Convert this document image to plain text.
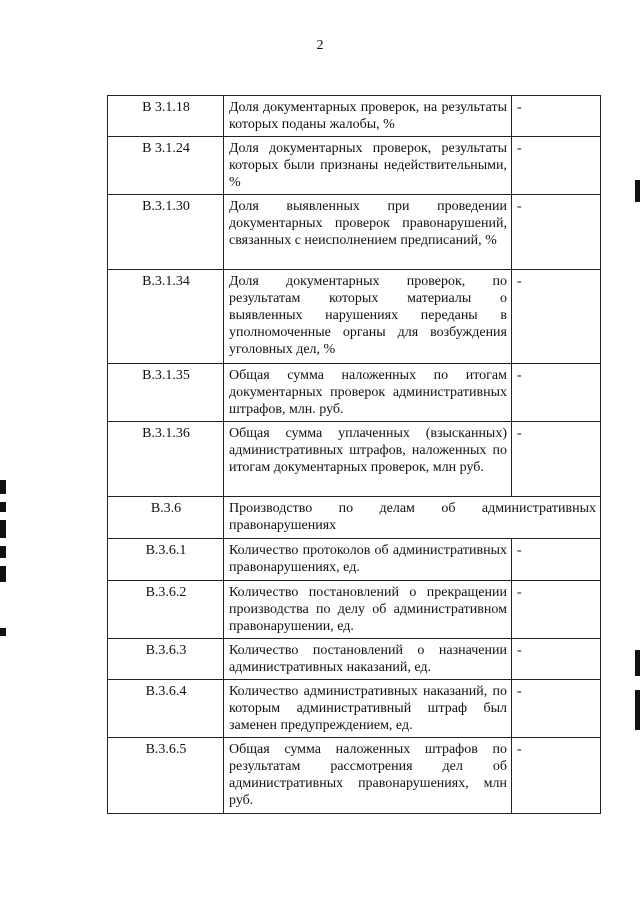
2
В 3.1.18	Доля документарных проверок, на результаты которых поданы жалобы, %	-
В 3.1.24	Доля документарных проверок, результаты которых были признаны недействительными, %	-
В.3.1.30	Доля выявленных при проведении документарных проверок правонарушений, связанных с неисполнением предписаний, %	-
В.3.1.34	Доля документарных проверок, по результатам которых материалы о выявленных нарушениях переданы в уполномоченные органы для возбуждения уголовных дел, %	-
В.3.1.35	Общая сумма наложенных по итогам документарных проверок административных штрафов, млн. руб.	-
В.3.1.36	Общая сумма уплаченных (взысканных) административных штрафов, наложенных по итогам документарных проверок, млн руб.	-
В.3.6	Производство по делам об административных правонарушениях	
В.3.6.1	Количество протоколов об административных правонарушениях, ед.	-
В.3.6.2	Количество постановлений о прекращении производства по делу об административном правонарушении, ед.	-
В.3.6.3	Количество постановлений о назначении административных наказаний, ед.	-
В.3.6.4	Количество административных наказаний, по которым административный штраф был заменен предупреждением, ед.	-
В.3.6.5	Общая сумма наложенных штрафов по результатам рассмотрения дел об административных правонарушениях, млн руб.	-
